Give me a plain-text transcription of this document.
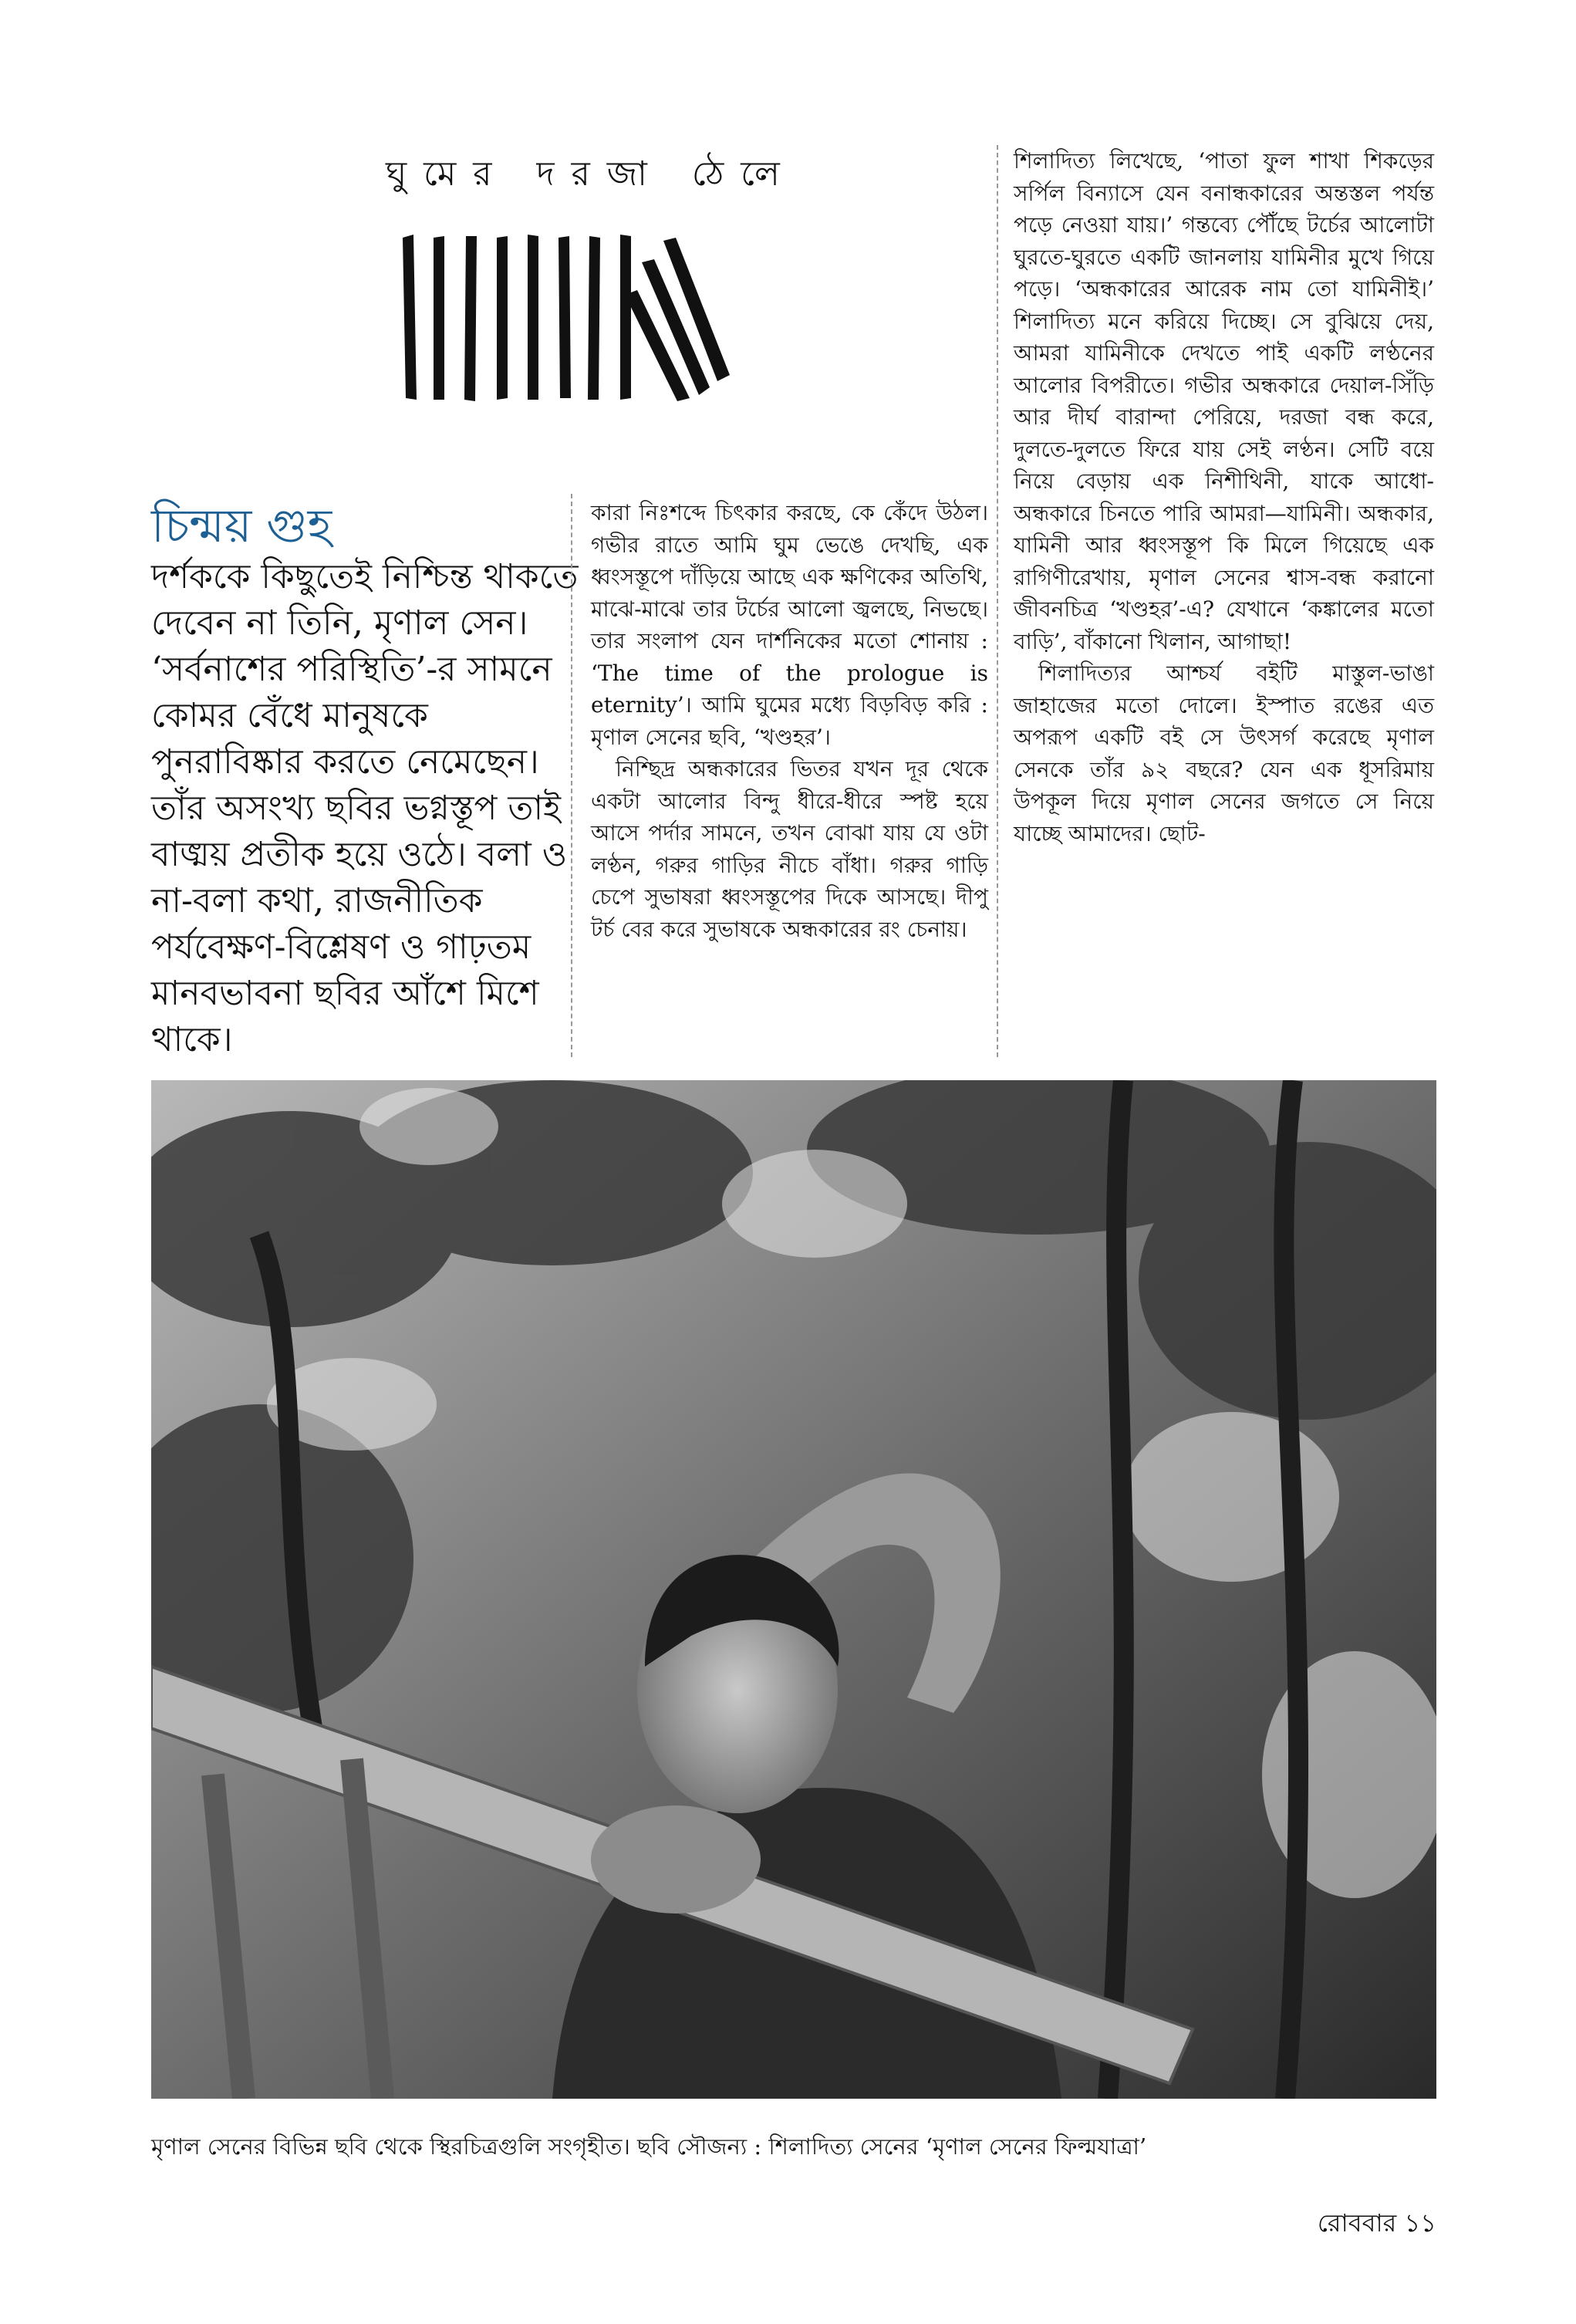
ঘুমের দরজা ঠেলে
চিন্ময় গুহ

দর্শককে কিছুতেই নিশ্চিন্ত থাকতে দেবেন না তিনি, মৃণাল সেন। ‘সর্বনাশের পরিস্থিতি’-র সামনে কোমর বেঁধে মানুষকে পুনরাবিষ্কার করতে নেমেছেন। তাঁর অসংখ্য ছবির ভগ্নস্তূপ তাই বাঙ্ময় প্রতীক হয়ে ওঠে। বলা ও না-বলা কথা, রাজনীতিক পর্যবেক্ষণ-বিশ্লেষণ ও গাঢ়তম মানবভাবনা ছবির আঁশে মিশে থাকে।

কারা নিঃশব্দে চিৎকার করছে, কে কেঁদে উঠল। গভীর রাতে আমি ঘুম ভেঙে দেখছি, এক ধ্বংসস্তূপে দাঁড়িয়ে আছে এক ক্ষণিকের অতিথি, মাঝে-মাঝে তার টর্চের আলো জ্বলছে, নিভছে। তার সংলাপ যেন দার্শনিকের মতো শোনায় : ‘The time of the prologue is eternity’। আমি ঘুমের মধ্যে বিড়বিড় করি : মৃণাল সেনের ছবি, ‘খণ্ডহর’।

নিশ্ছিদ্র অন্ধকারের ভিতর যখন দূর থেকে একটা আলোর বিন্দু ধীরে-ধীরে স্পষ্ট হয়ে আসে পর্দার সামনে, তখন বোঝা যায় যে ওটা লণ্ঠন, গরুর গাড়ির নীচে বাঁধা। গরুর গাড়ি চেপে সুভাষরা ধ্বংসস্তূপের দিকে আসছে। দীপু টর্চ বের করে সুভাষকে অন্ধকারের রং চেনায়।

শিলাদিত্য লিখেছে, ‘পাতা ফুল শাখা শিকড়ের সর্পিল বিন্যাসে যেন বনান্ধকারের অন্তস্তল পর্যন্ত পড়ে নেওয়া যায়।’ গন্তব্যে পৌঁছে টর্চের আলোটা ঘুরতে-ঘুরতে একটি জানলায় যামিনীর মুখে গিয়ে পড়ে। ‘অন্ধকারের আরেক নাম তো যামিনীই।’ শিলাদিত্য মনে করিয়ে দিচ্ছে। সে বুঝিয়ে দেয়, আমরা যামিনীকে দেখতে পাই একটি লণ্ঠনের আলোর বিপরীতে। গভীর অন্ধকারে দেয়াল-সিঁড়ি আর দীর্ঘ বারান্দা পেরিয়ে, দরজা বন্ধ করে, দুলতে-দুলতে ফিরে যায় সেই লণ্ঠন। সেটি বয়ে নিয়ে বেড়ায় এক নিশীথিনী, যাকে আধো-অন্ধকারে চিনতে পারি আমরা—যামিনী। অন্ধকার, যামিনী আর ধ্বংসস্তূপ কি মিলে গিয়েছে এক রাগিণীরেখায়, মৃণাল সেনের শ্বাস-বন্ধ করানো জীবনচিত্র ‘খণ্ডহর’-এ? যেখানে ‘কঙ্কালের মতো বাড়ি’, বাঁকানো খিলান, আগাছা!

শিলাদিত্যর আশ্চর্য বইটি মাস্তুল-ভাঙা জাহাজের মতো দোলে। ইস্পাত রঙের এত অপরূপ একটি বই সে উৎসর্গ করেছে মৃণাল সেনকে তাঁর ৯২ বছরে? যেন এক ধূসরিমায় উপকূল দিয়ে মৃণাল সেনের জগতে সে নিয়ে যাচ্ছে আমাদের। ছোট-

মৃণাল সেনের বিভিন্ন ছবি থেকে স্থিরচিত্রগুলি সংগৃহীত। ছবি সৌজন্য : শিলাদিত্য সেনের ‘মৃণাল সেনের ফিল্মযাত্রা’
রোববার ১১
